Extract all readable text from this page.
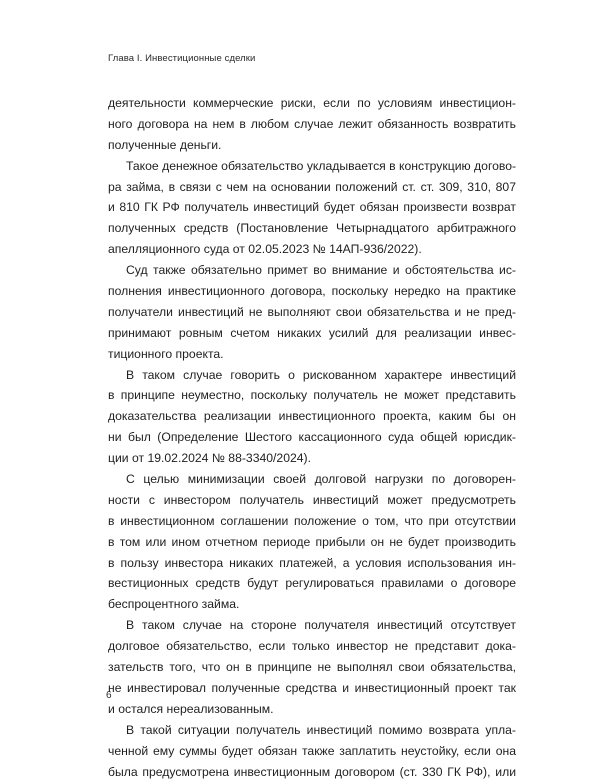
Глава I. Инвестиционные сделки
деятельности коммерческие риски, если по условиям инвестицион-
ного договора на нем в любом случае лежит обязанность возвратить
полученные деньги.
Такое денежное обязательство укладывается в конструкцию догово-
ра займа, в связи с чем на основании положений ст. ст. 309, 310, 807
и 810 ГК РФ получатель инвестиций будет обязан произвести возврат
полученных средств (Постановление Четырнадцатого арбитражного
апелляционного суда от 02.05.2023 № 14АП-936/2022).
Суд также обязательно примет во внимание и обстоятельства ис-
полнения инвестиционного договора, поскольку нередко на практике
получатели инвестиций не выполняют свои обязательства и не пред-
принимают ровным счетом никаких усилий для реализации инвес-
тиционного проекта.
В таком случае говорить о рискованном характере инвестиций
в принципе неуместно, поскольку получатель не может представить
доказательства реализации инвестиционного проекта, каким бы он
ни был (Определение Шестого кассационного суда общей юрисдик-
ции от 19.02.2024 № 88-3340/2024).
С целью минимизации своей долговой нагрузки по договорен-
ности с инвестором получатель инвестиций может предусмотреть
в инвестиционном соглашении положение о том, что при отсутствии
в том или ином отчетном периоде прибыли он не будет производить
в пользу инвестора никаких платежей, а условия использования ин-
вестиционных средств будут регулироваться правилами о договоре
беспроцентного займа.
В таком случае на стороне получателя инвестиций отсутствует
долговое обязательство, если только инвестор не представит дока-
зательств того, что он в принципе не выполнял свои обязательства,
не инвестировал полученные средства и инвестиционный проект так
и остался нереализованным.
В такой ситуации получатель инвестиций помимо возврата упла-
ченной ему суммы будет обязан также заплатить неустойку, если она
была предусмотрена инвестиционным договором (ст. 330 ГК РФ), или
6
